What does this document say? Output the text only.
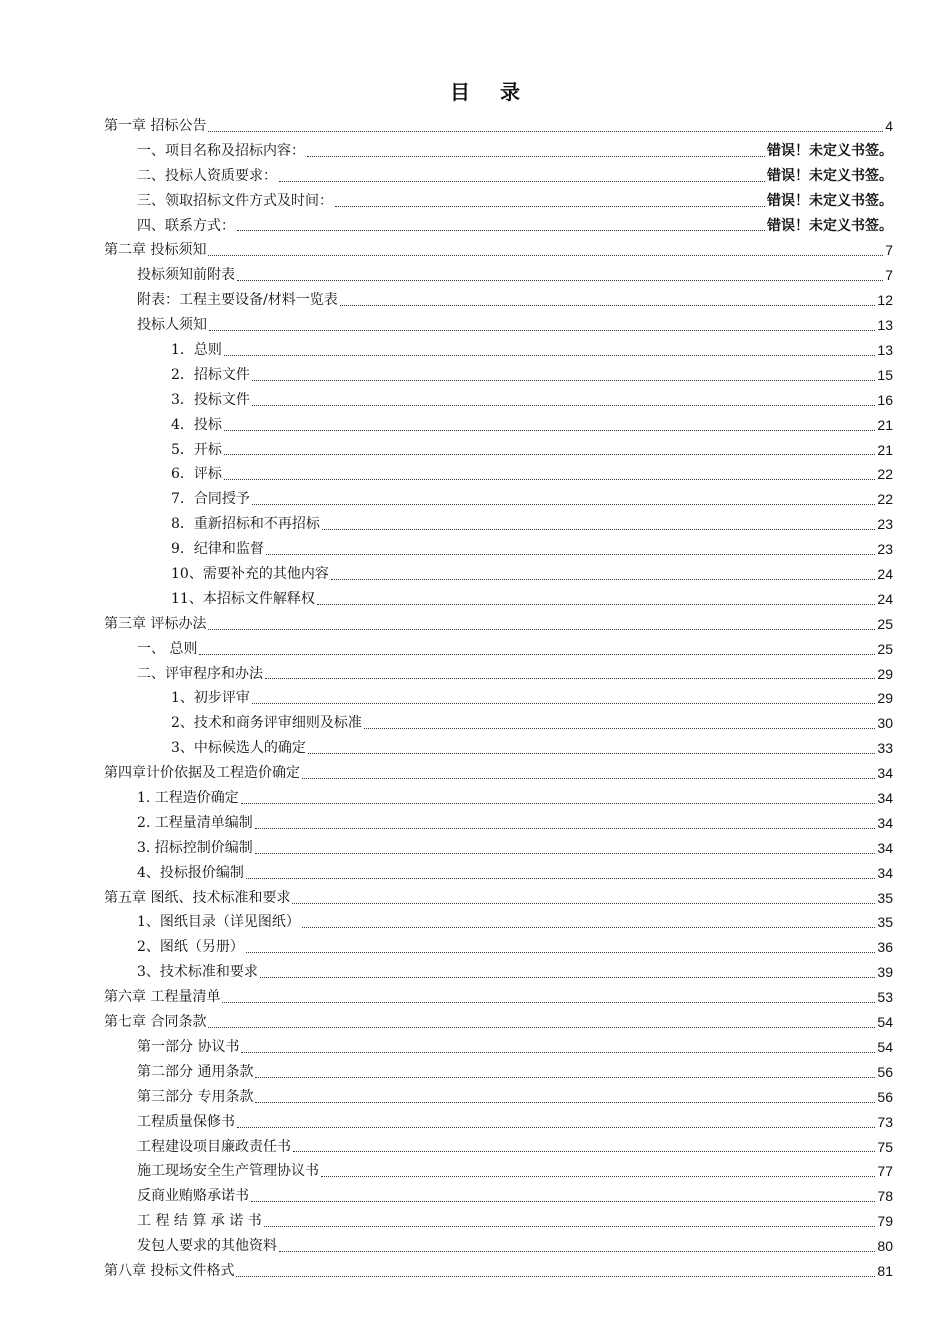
目录
第一章 招标公告	4
一、项目名称及招标内容：	错误！未定义书签。
二、投标人资质要求：	错误！未定义书签。
三、领取招标文件方式及时间：	错误！未定义书签。
四、联系方式：	错误！未定义书签。
第二章 投标须知	7
投标须知前附表	7
附表：工程主要设备/材料一览表	12
投标人须知	13
1．总则	13
2．招标文件	15
3．投标文件	16
4．投标	21
5．开标	21
6．评标	22
7．合同授予	22
8．重新招标和不再招标	23
9．纪律和监督	23
10、需要补充的其他内容	24
11、本招标文件解释权	24
第三章 评标办法	25
一、 总则	25
二、评审程序和办法	29
1、初步评审	29
2、技术和商务评审细则及标准	30
3、中标候选人的确定	33
第四章计价依据及工程造价确定	34
1. 工程造价确定	34
2. 工程量清单编制	34
3. 招标控制价编制	34
4、投标报价编制	34
第五章 图纸、技术标准和要求	35
1、图纸目录（详见图纸）	35
2、图纸（另册）	36
3、技术标准和要求	39
第六章 工程量清单	53
第七章 合同条款	54
第一部分 协议书	54
第二部分 通用条款	56
第三部分 专用条款	56
工程质量保修书	73
工程建设项目廉政责任书	75
施工现场安全生产管理协议书	77
反商业贿赂承诺书	78
工 程 结 算 承 诺 书	79
发包人要求的其他资料	80
第八章 投标文件格式	81
